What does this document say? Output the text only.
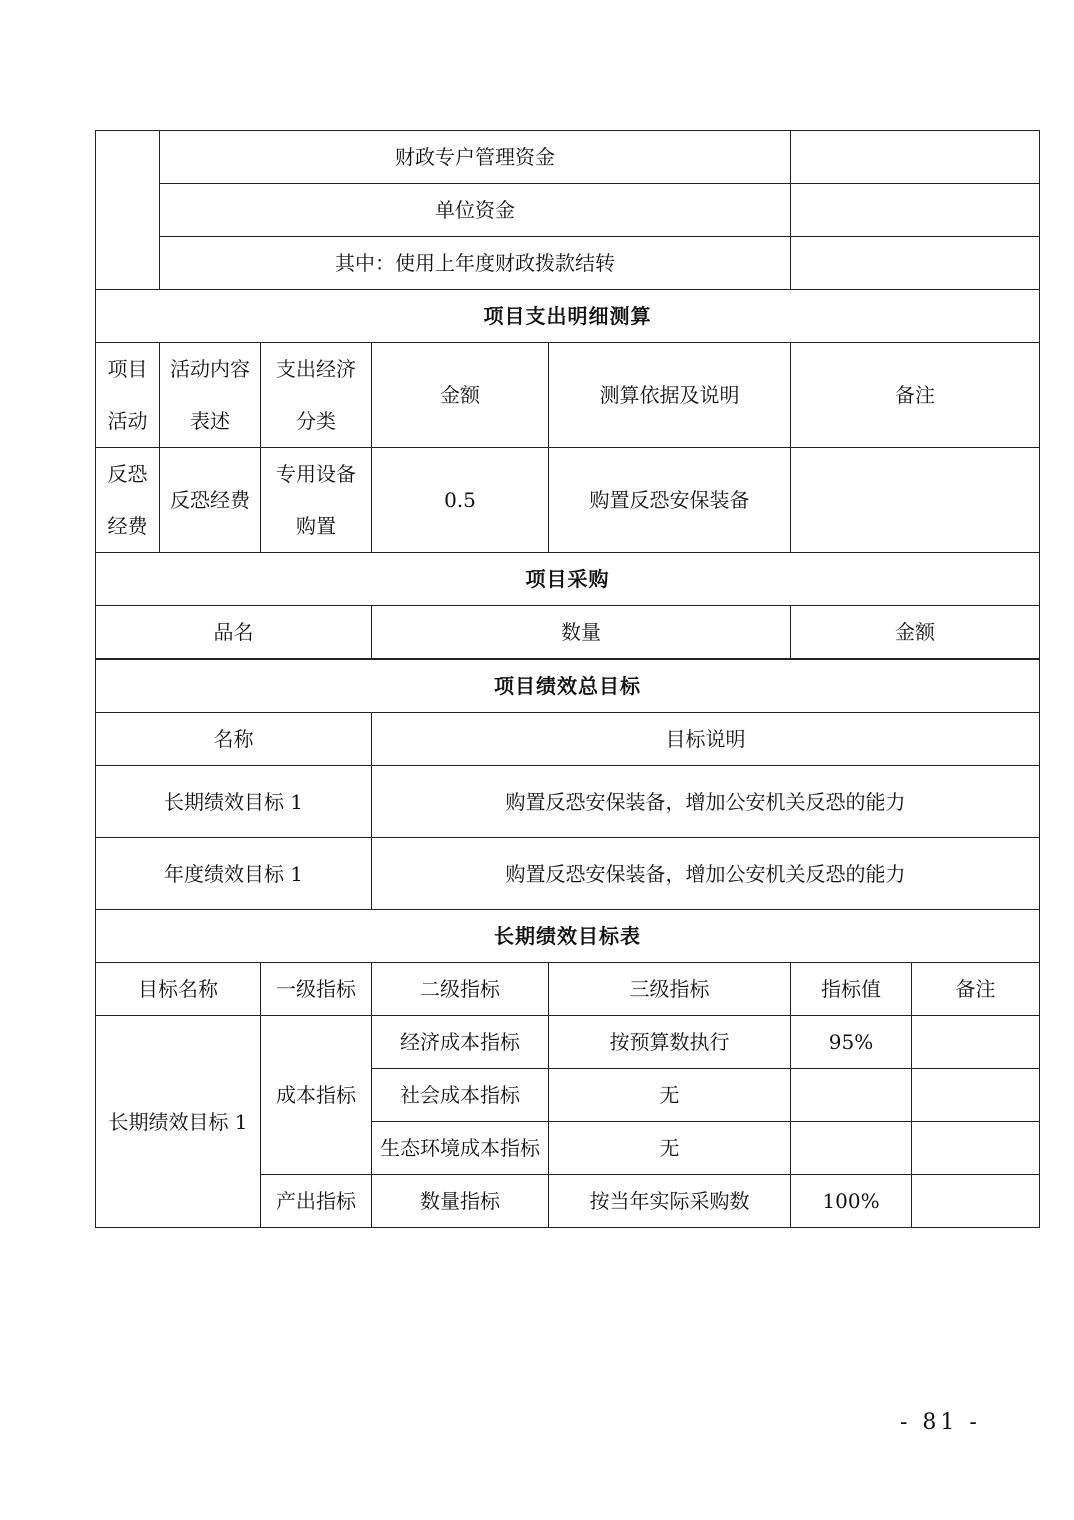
	财政专户管理资金					
	单位资金					
	其中：使用上年度财政拨款结转					
项目支出明细测算						
项目活动	活动内容表述	支出经济分类	金额	测算依据及说明	备注	
反恐经费	反恐经费	专用设备购置	0.5	购置反恐安保装备		
项目采购						
品名			数量		金额	

项目绩效总目标						
名称			目标说明			
长期绩效目标 1			购置反恐安保装备，增加公安机关反恐的能力			
年度绩效目标 1			购置反恐安保装备，增加公安机关反恐的能力			
长期绩效目标表						
目标名称		一级指标	二级指标	三级指标	指标值	备注
长期绩效目标 1		成本指标	经济成本指标	按预算数执行	95%	
			社会成本指标	无		
			生态环境成本指标	无		
		产出指标	数量指标	按当年实际采购数	100%	
- 81 -
